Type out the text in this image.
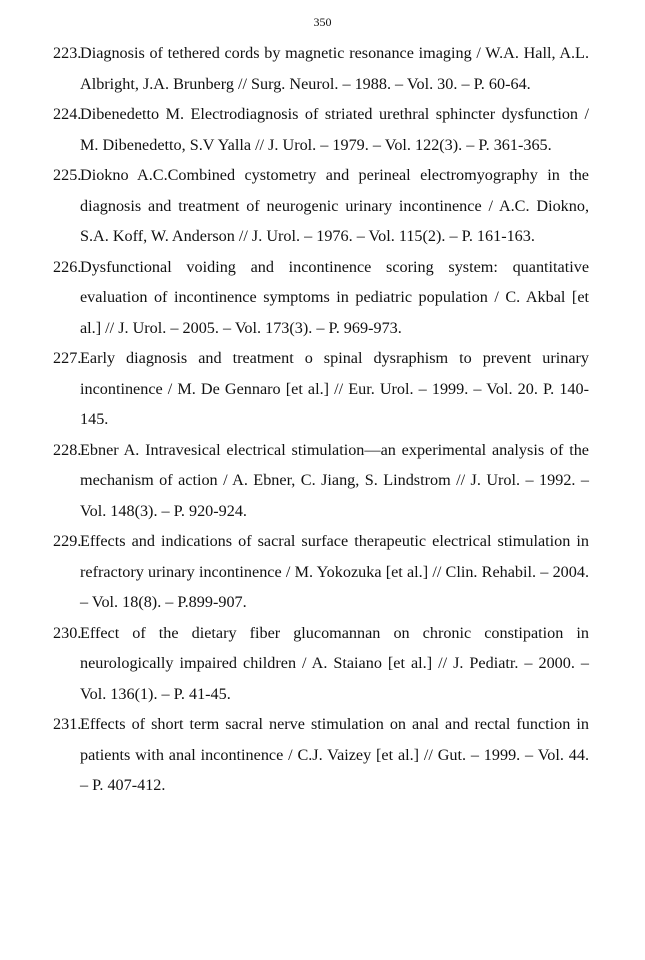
350
223.
Diagnosis of tethered cords by magnetic resonance imaging / W.A. Hall, A.L. Albright, J.A. Brunberg // Surg. Neurol. – 1988. – Vol. 30. – P. 60-64.
224.
Dibenedetto M. Electrodiagnosis of striated urethral sphincter dysfunction / M. Dibenedetto, S.V Yalla // J. Urol. – 1979. – Vol. 122(3). – P. 361-365.
225.
Diokno A.C.Combined cystometry and perineal electromyography in the diagnosis and treatment of neurogenic urinary incontinence / A.C. Diokno, S.A. Koff, W. Anderson // J. Urol. – 1976. – Vol. 115(2). – P. 161-163.
226.
Dysfunctional voiding and incontinence scoring system: quantitative evaluation of incontinence symptoms in pediatric population / C. Akbal [et al.] // J. Urol. – 2005. – Vol. 173(3). – P. 969-973.
227.
Early diagnosis and treatment o spinal dysraphism to prevent urinary incontinence / M. De Gennaro [et al.] // Eur. Urol. – 1999. – Vol. 20. P. 140-145.
228.
Ebner A. Intravesical electrical stimulation—an experimental analysis of the mechanism of action / A. Ebner, C. Jiang, S. Lindstrom // J. Urol. – 1992. – Vol. 148(3). – P. 920-924.
229.
Effects and indications of sacral surface therapeutic electrical stimulation in refractory urinary incontinence / M. Yokozuka [et al.] // Clin. Rehabil. – 2004. – Vol. 18(8). – P.899-907.
230.
Effect of the dietary fiber glucomannan on chronic constipation in neurologically impaired children / A. Staiano [et al.] // J. Pediatr. – 2000. – Vol. 136(1). – P. 41-45.
231.
Effects of short term sacral nerve stimulation on anal and rectal function in patients with anal incontinence / C.J. Vaizey [et al.] // Gut. – 1999. – Vol. 44. – P. 407-412.
